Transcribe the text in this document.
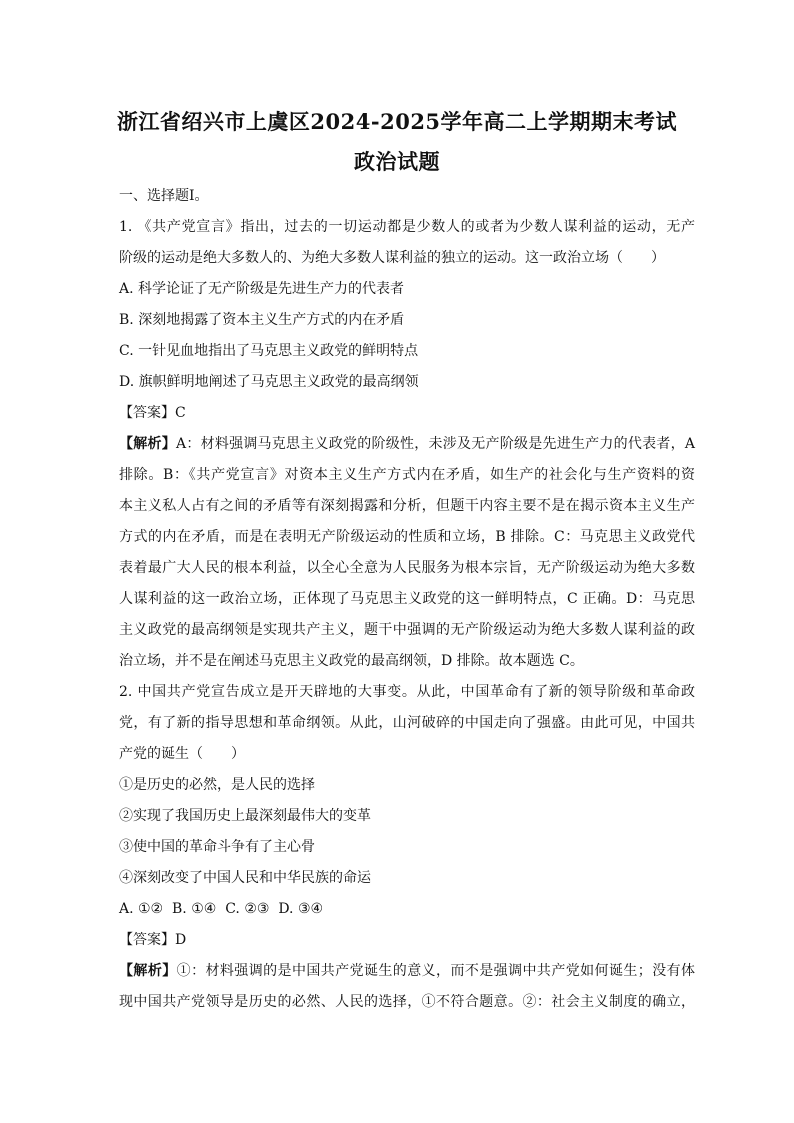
浙江省绍兴市上虞区2024-2025学年高二上学期期末考试
政治试题
一、选择题Ⅰ。
1. 《共产党宣言》指出，过去的一切运动都是少数人的或者为少数人谋利益的运动，无产
阶级的运动是绝大多数人的、为绝大多数人谋利益的独立的运动。这一政治立场（　　）
A. 科学论证了无产阶级是先进生产力的代表者
B. 深刻地揭露了资本主义生产方式的内在矛盾
C. 一针见血地指出了马克思主义政党的鲜明特点
D. 旗帜鲜明地阐述了马克思主义政党的最高纲领
【答案】C
【解析】A：材料强调马克思主义政党的阶级性，未涉及无产阶级是先进生产力的代表者，A
排除。B：《共产党宣言》对资本主义生产方式内在矛盾，如生产的社会化与生产资料的资
本主义私人占有之间的矛盾等有深刻揭露和分析，但题干内容主要不是在揭示资本主义生产
方式的内在矛盾，而是在表明无产阶级运动的性质和立场，B 排除。C：马克思主义政党代
表着最广大人民的根本利益，以全心全意为人民服务为根本宗旨，无产阶级运动为绝大多数
人谋利益的这一政治立场，正体现了马克思主义政党的这一鲜明特点，C 正确。D：马克思
主义政党的最高纲领是实现共产主义，题干中强调的无产阶级运动为绝大多数人谋利益的政
治立场，并不是在阐述马克思主义政党的最高纲领，D 排除。故本题选 C。
2. 中国共产党宣告成立是开天辟地的大事变。从此，中国革命有了新的领导阶级和革命政
党，有了新的指导思想和革命纲领。从此，山河破碎的中国走向了强盛。由此可见，中国共
产党的诞生（　　）
①是历史的必然，是人民的选择
②实现了我国历史上最深刻最伟大的变革
③使中国的革命斗争有了主心骨
④深刻改变了中国人民和中华民族的命运
A. ①②  B. ①④  C. ②③  D. ③④
【答案】D
【解析】①：材料强调的是中国共产党诞生的意义，而不是强调中共产党如何诞生；没有体
现中国共产党领导是历史的必然、人民的选择，①不符合题意。②：社会主义制度的确立，
